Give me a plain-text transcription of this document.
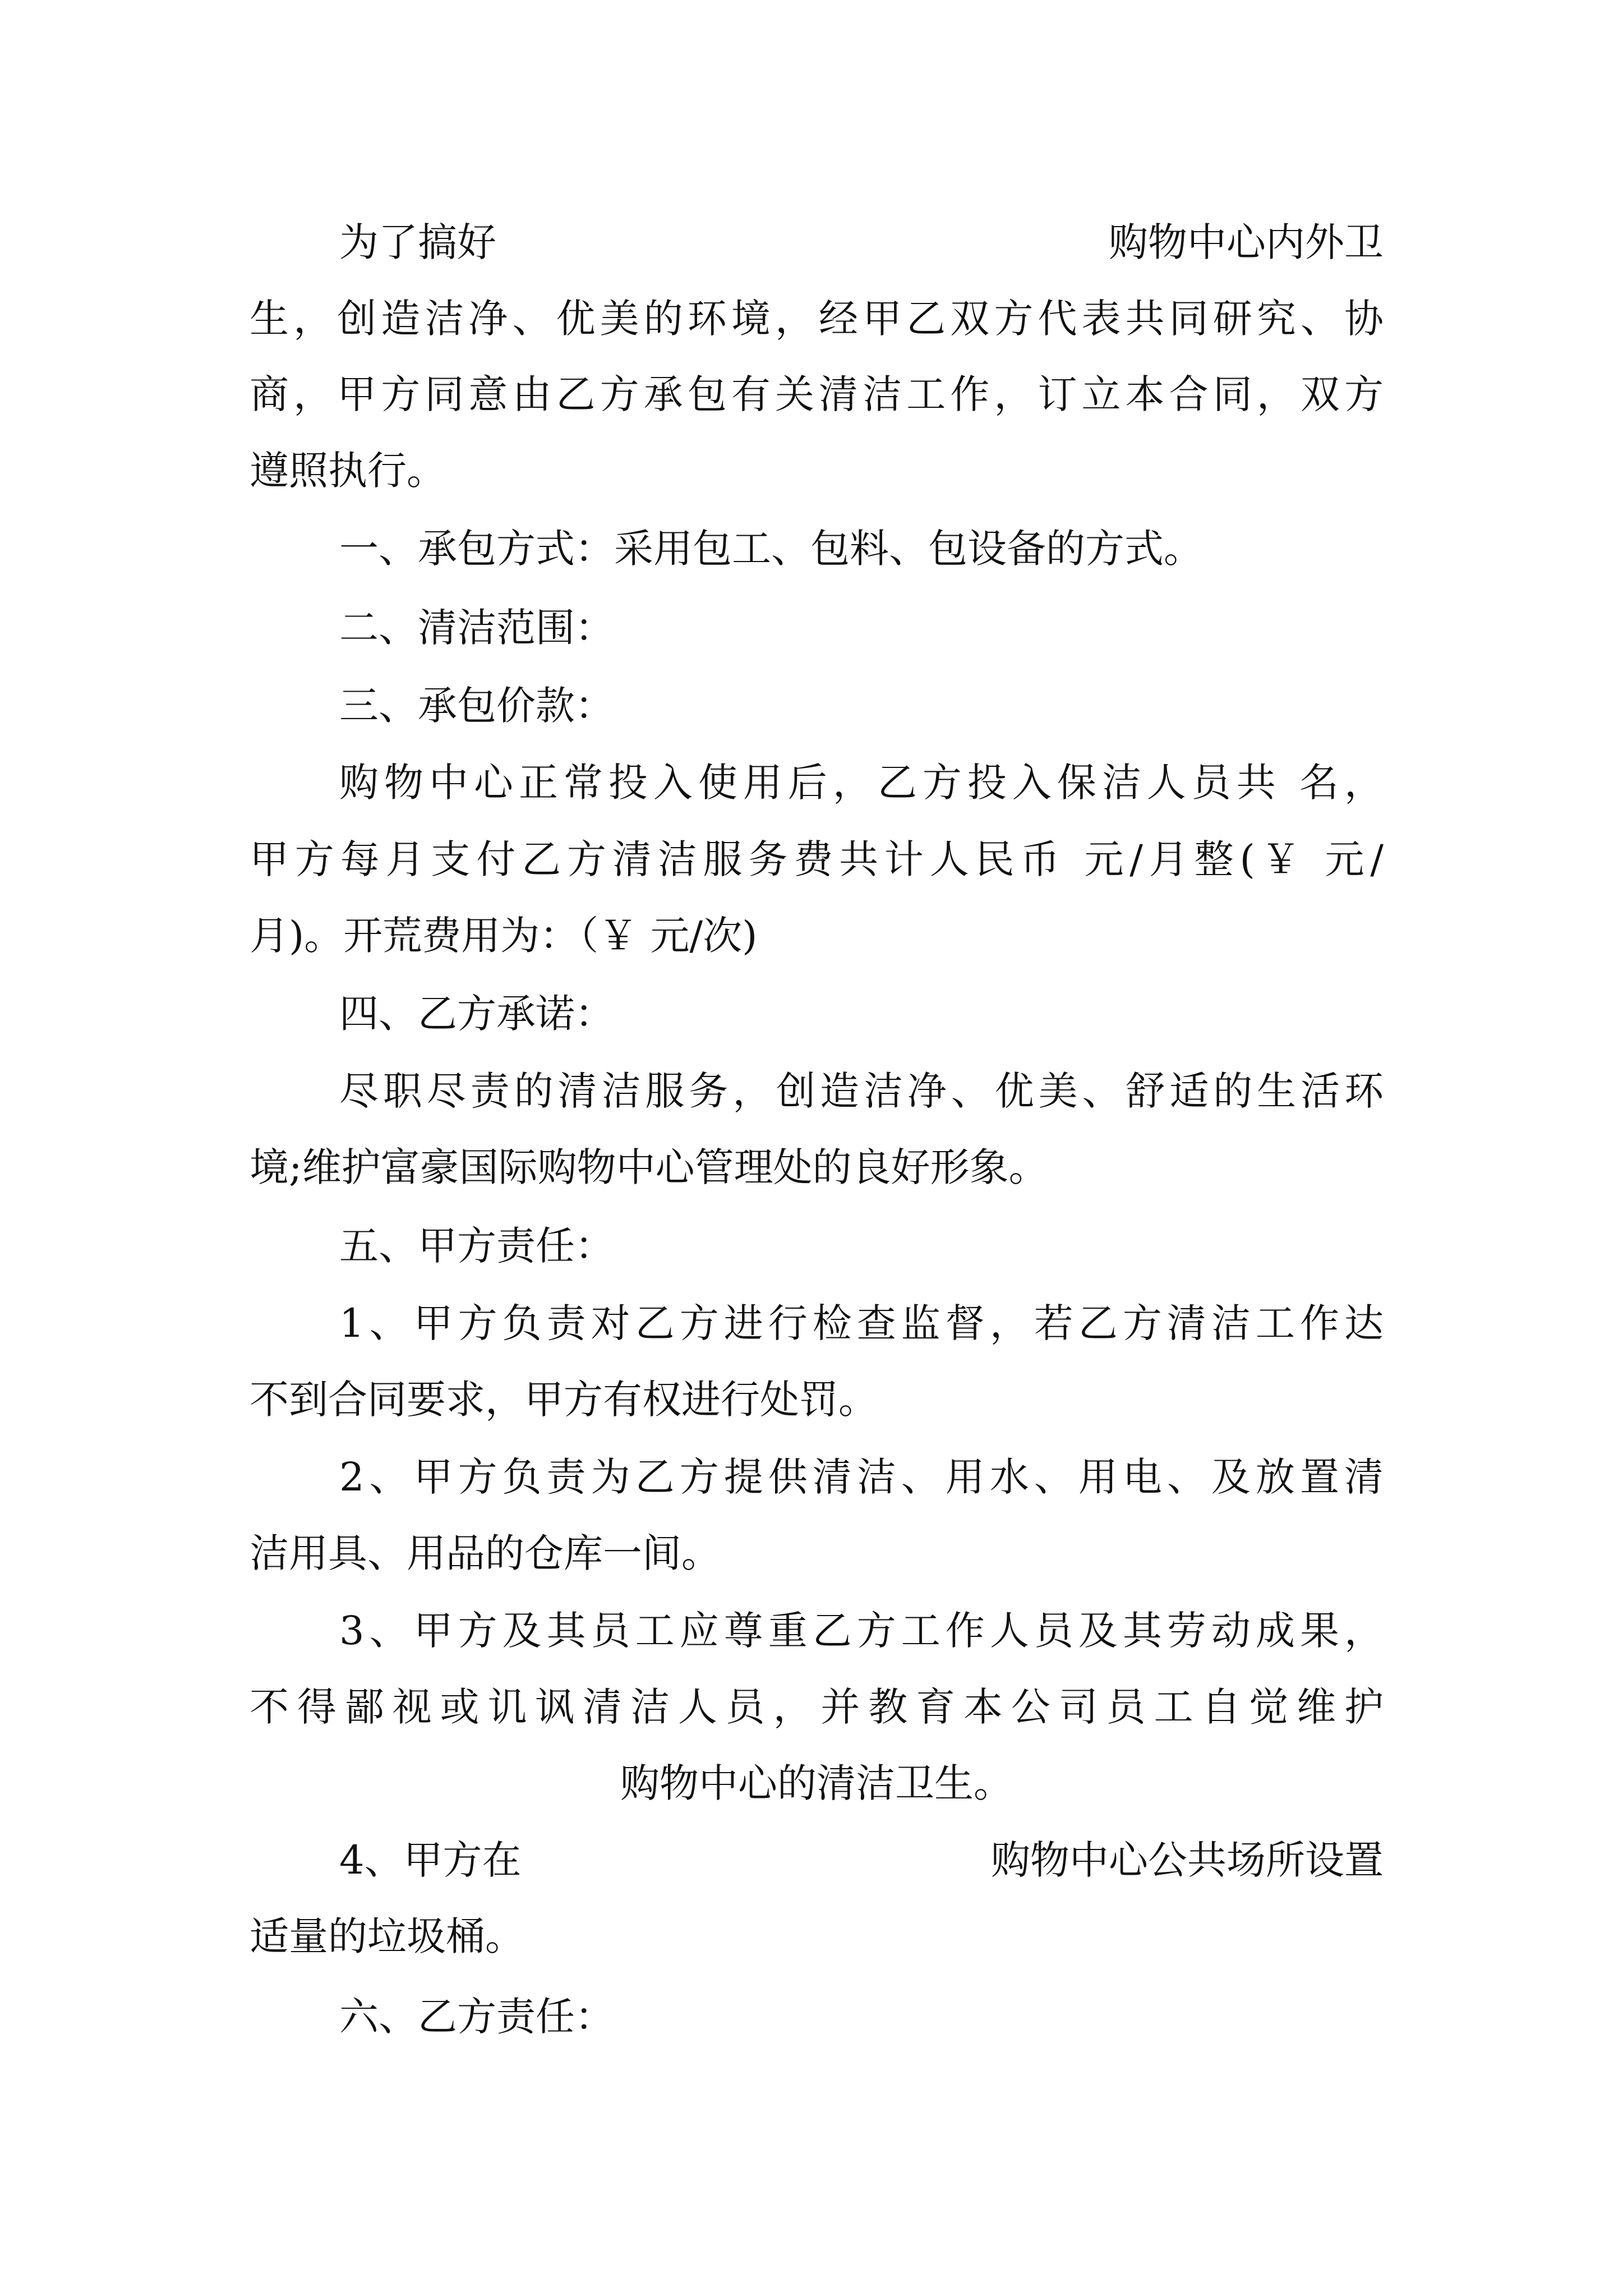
为了搞好	购物中心内外卫
生，创造洁净、优美的环境，经甲乙双方代表共同研究、协
商，甲方同意由乙方承包有关清洁工作，订立本合同，双方
遵照执行。
一、承包方式：采用包工、包料、包设备的方式。
二、清洁范围：
三、承包价款：
购物中心正常投入使用后，乙方投入保洁人员共 名，
甲方每月支付乙方清洁服务费共计人民币 元/月整(￥ 元/
月)。开荒费用为：（￥ 元/次)
四、乙方承诺：
尽职尽责的清洁服务，创造洁净、优美、舒适的生活环
境;维护富豪国际购物中心管理处的良好形象。
五、甲方责任：
1、甲方负责对乙方进行检查监督，若乙方清洁工作达
不到合同要求，甲方有权进行处罚。
2、甲方负责为乙方提供清洁、用水、用电、及放置清
洁用具、用品的仓库一间。
3、甲方及其员工应尊重乙方工作人员及其劳动成果，
不得鄙视或讥讽清洁人员，并教育本公司员工自觉维护
购物中心的清洁卫生。
4、甲方在	购物中心公共场所设置
适量的垃圾桶。
六、乙方责任：
